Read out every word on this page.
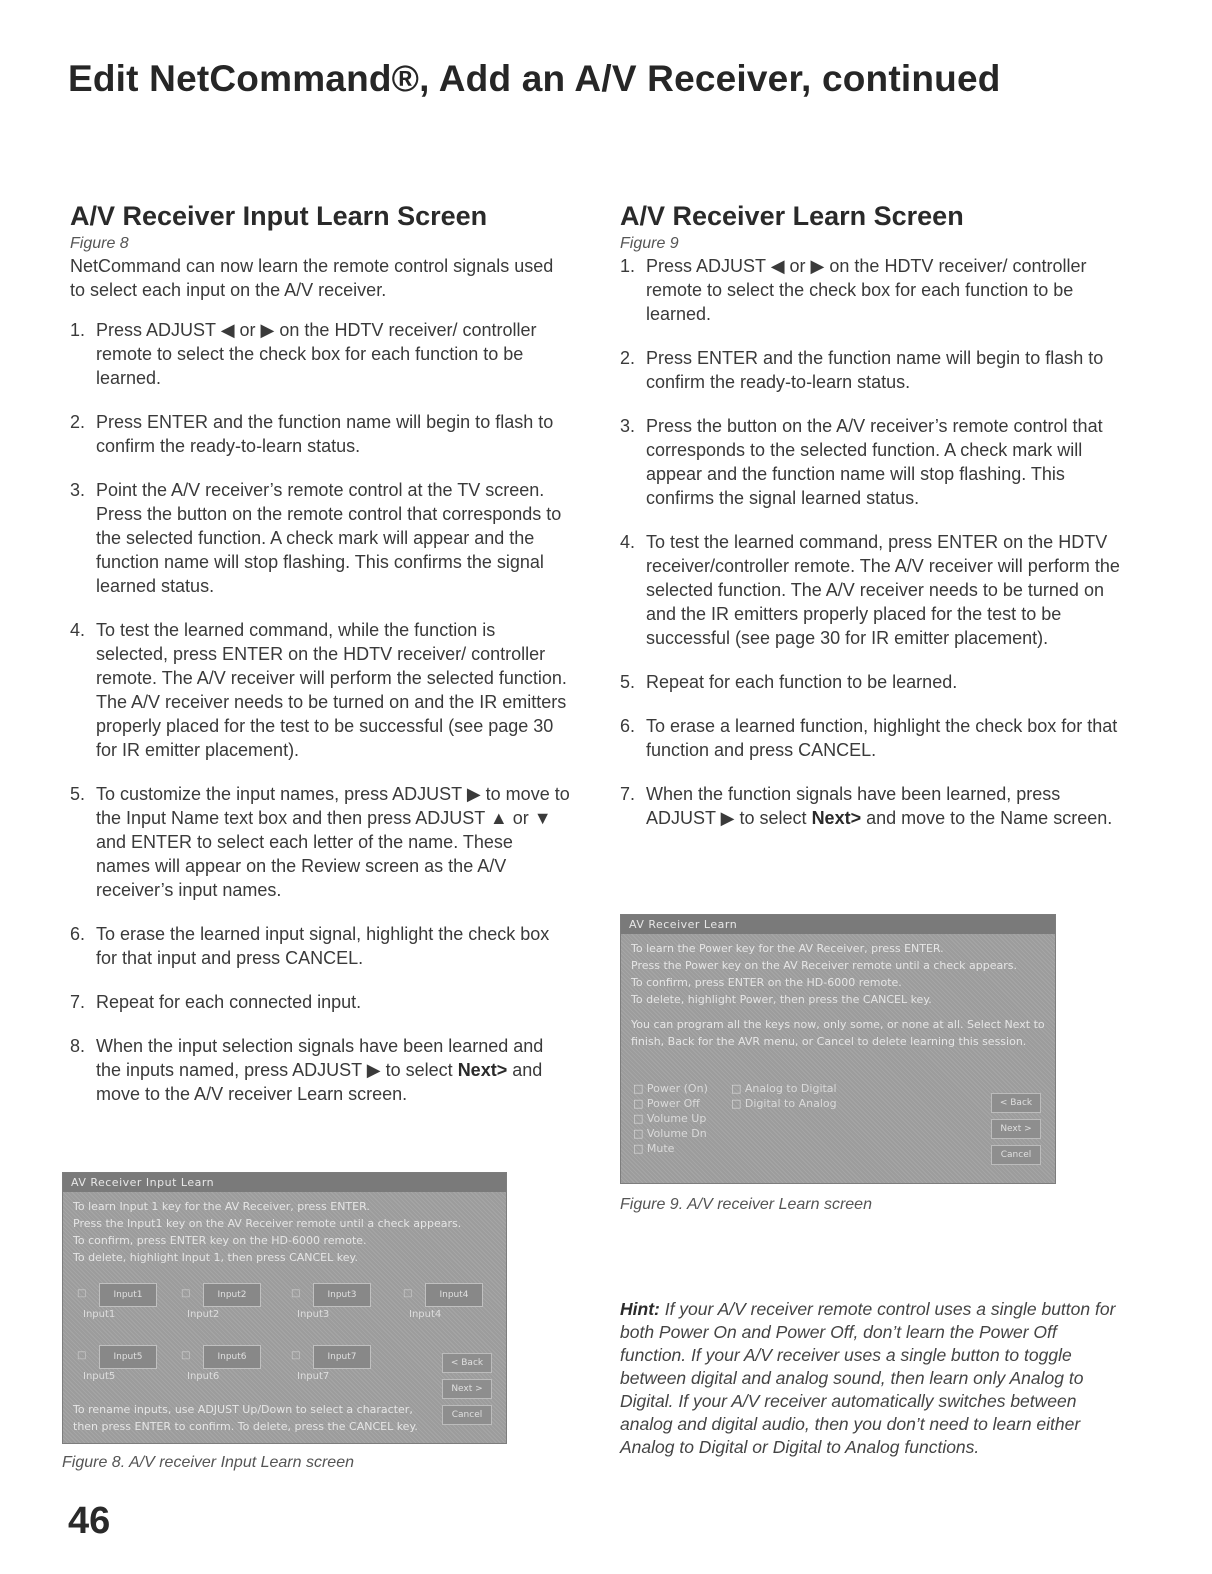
Edit NetCommand®, Add an A/V Receiver, continued
A/V Receiver Input Learn Screen
Figure 8

NetCommand can now learn the remote control signals used to select each input on the A/V receiver.

1. Press ADJUST ◀ or ▶ on the HDTV receiver/ controller remote to select the check box for each function to be learned.
2. Press ENTER and the function name will begin to flash to confirm the ready-to-learn status.
3. Point the A/V receiver’s remote control at the TV screen. Press the button on the remote control that corresponds to the selected function. A check mark will appear and the function name will stop flashing. This confirms the signal learned status.
4. To test the learned command, while the function is selected, press ENTER on the HDTV receiver/ controller remote. The A/V receiver will perform the selected function. The A/V receiver needs to be turned on and the IR emitters properly placed for the test to be successful (see page 30 for IR emitter placement).
5. To customize the input names, press ADJUST ▶ to move to the Input Name text box and then press ADJUST ▲ or ▼ and ENTER to select each letter of the name. These names will appear on the Review screen as the A/V receiver’s input names.
6. To erase the learned input signal, highlight the check box for that input and press CANCEL.
7. Repeat for each connected input.
8. When the input selection signals have been learned and the inputs named, press ADJUST ▶ to select Next> and move to the A/V receiver Learn screen.
AV Receiver Input Learn
To learn Input 1 key for the AV Receiver, press ENTER.
Press the Input1 key on the AV Receiver remote until a check appears.
To confirm, press ENTER key on the HD-6000 remote.
To delete, highlight Input 1, then press CANCEL key.
□	Input1
Input1
□	Input2
Input2
□	Input3
Input3
□	Input4
Input4
□	Input5
Input5
□	Input6
Input6
□	Input7
Input7
< Back
Next >
Cancel
To rename inputs, use ADJUST Up/Down to select a character,
then press ENTER to confirm. To delete, press the CANCEL key.
Figure 8. A/V receiver Input Learn screen
A/V Receiver Learn Screen
Figure 9
1. Press ADJUST ◀ or ▶ on the HDTV receiver/ controller remote to select the check box for each function to be learned.
2. Press ENTER and the function name will begin to flash to confirm the ready-to-learn status.
3. Press the button on the A/V receiver’s remote control that corresponds to the selected function. A check mark will appear and the function name will stop flashing. This confirms the signal learned status.
4. To test the learned command, press ENTER on the HDTV receiver/controller remote. The A/V receiver will perform the selected function. The A/V receiver needs to be turned on and the IR emitters properly placed for the test to be successful (see page 30 for IR emitter placement).
5. Repeat for each function to be learned.
6. To erase a learned function, highlight the check box for that function and press CANCEL.
7. When the function signals have been learned, press ADJUST ▶ to select Next> and move to the Name screen.
AV Receiver Learn
To learn the Power key for the AV Receiver, press ENTER.
Press the Power key on the AV Receiver remote until a check appears.
To confirm, press ENTER on the HD-6000 remote.
To delete, highlight Power, then press the CANCEL key.
You can program all the keys now, only some, or none at all. Select Next to
finish, Back for the AVR menu, or Cancel to delete learning this session.
□ Power (On)
□ Power Off
□ Volume Up
□ Volume Dn
□ Mute
□ Analog to Digital
□ Digital to Analog	< Back
Next >
Cancel
Figure 9. A/V receiver Learn screen
Hint: If your A/V receiver remote control uses a single button for both Power On and Power Off, don’t learn the Power Off function. If your A/V receiver uses a single button to toggle between digital and analog sound, then learn only Analog to Digital. If your A/V receiver automatically switches between analog and digital audio, then you don’t need to learn either Analog to Digital or Digital to Analog functions.
46
